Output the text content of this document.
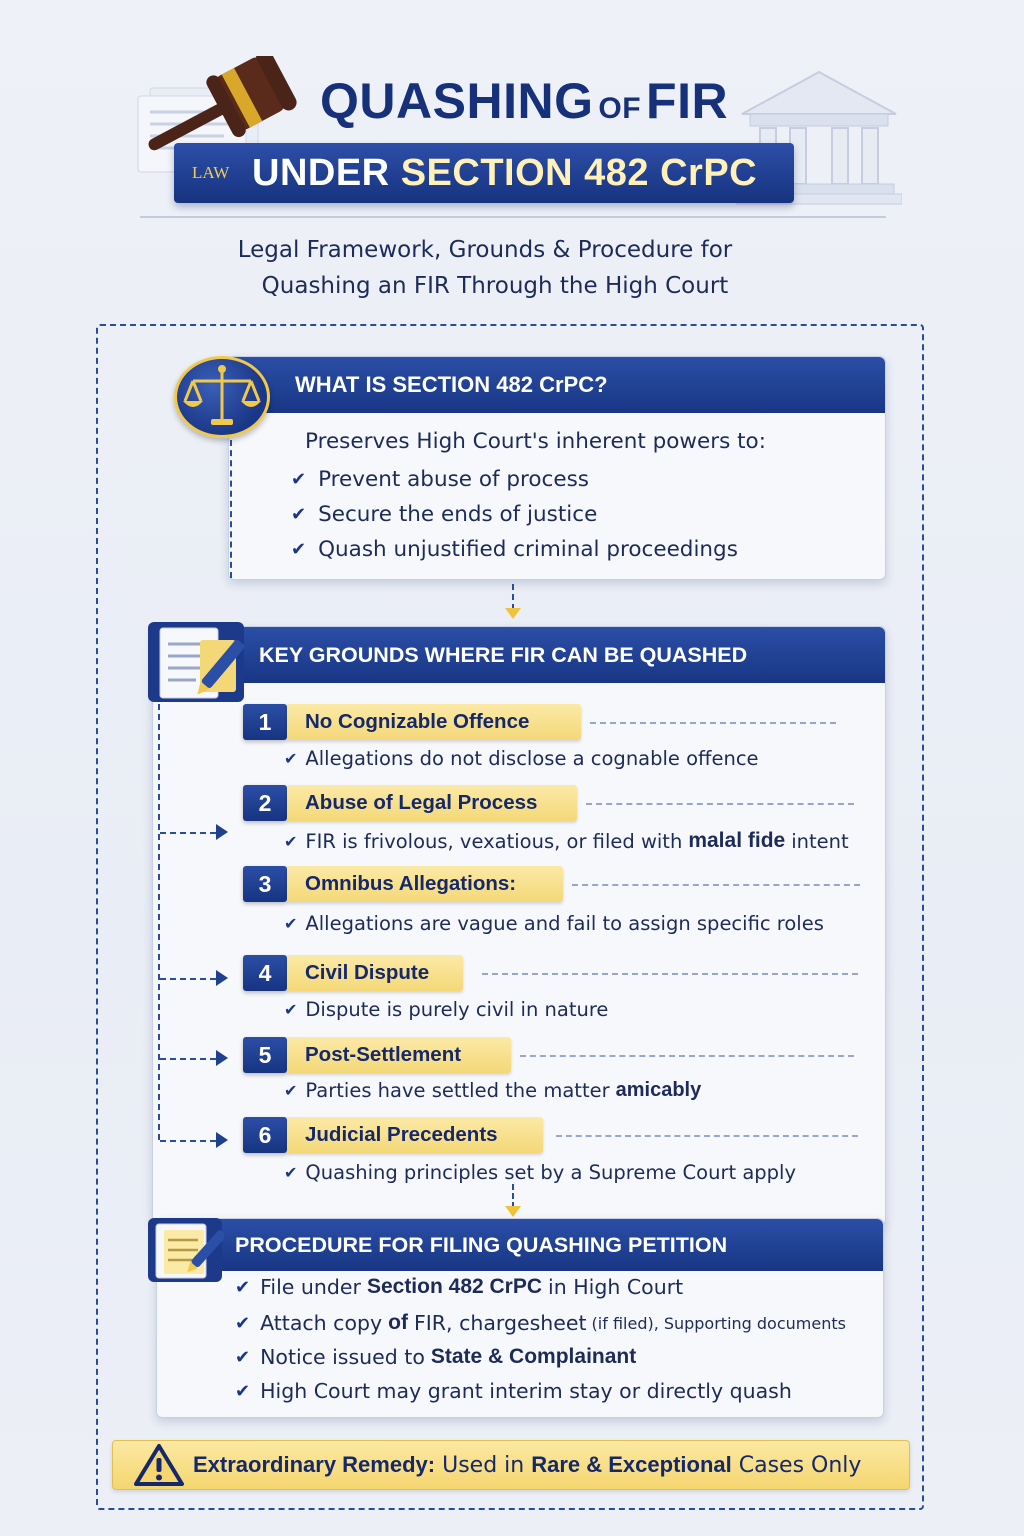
QUASHING OF FIR
LAW UNDER SECTION 482 CrPC
Legal Framework, Grounds & Procedure for
Quashing an FIR Through the High Court
WHAT IS SECTION 482 CrPC?
Preserves High Court's inherent powers to:
✔ Prevent abuse of process
✔ Secure the ends of justice
✔ Quash unjustified criminal proceedings
KEY GROUNDS WHERE FIR CAN BE QUASHED
1	No Cognizable Offence
✔ Allegations do not disclose a cognable offence
2	Abuse of Legal Process
✔ FIR is frivolous, vexatious, or filed with malal fide intent
3	Omnibus Allegations:
✔ Allegations are vague and fail to assign specific roles
4	Civil Dispute
✔ Dispute is purely civil in nature
5	Post-Settlement
✔ Parties have settled the matter amicably
6	Judicial Precedents
✔ Quashing principles set by a Supreme Court apply
PROCEDURE FOR FILING QUASHING PETITION
✔ File under Section 482 CrPC in High Court
✔ Attach copy of FIR, chargesheet (if filed), Supporting documents
✔ Notice issued to State & Complainant
✔ High Court may grant interim stay or directly quash
Extraordinary Remedy: Used in Rare & Exceptional Cases Only
